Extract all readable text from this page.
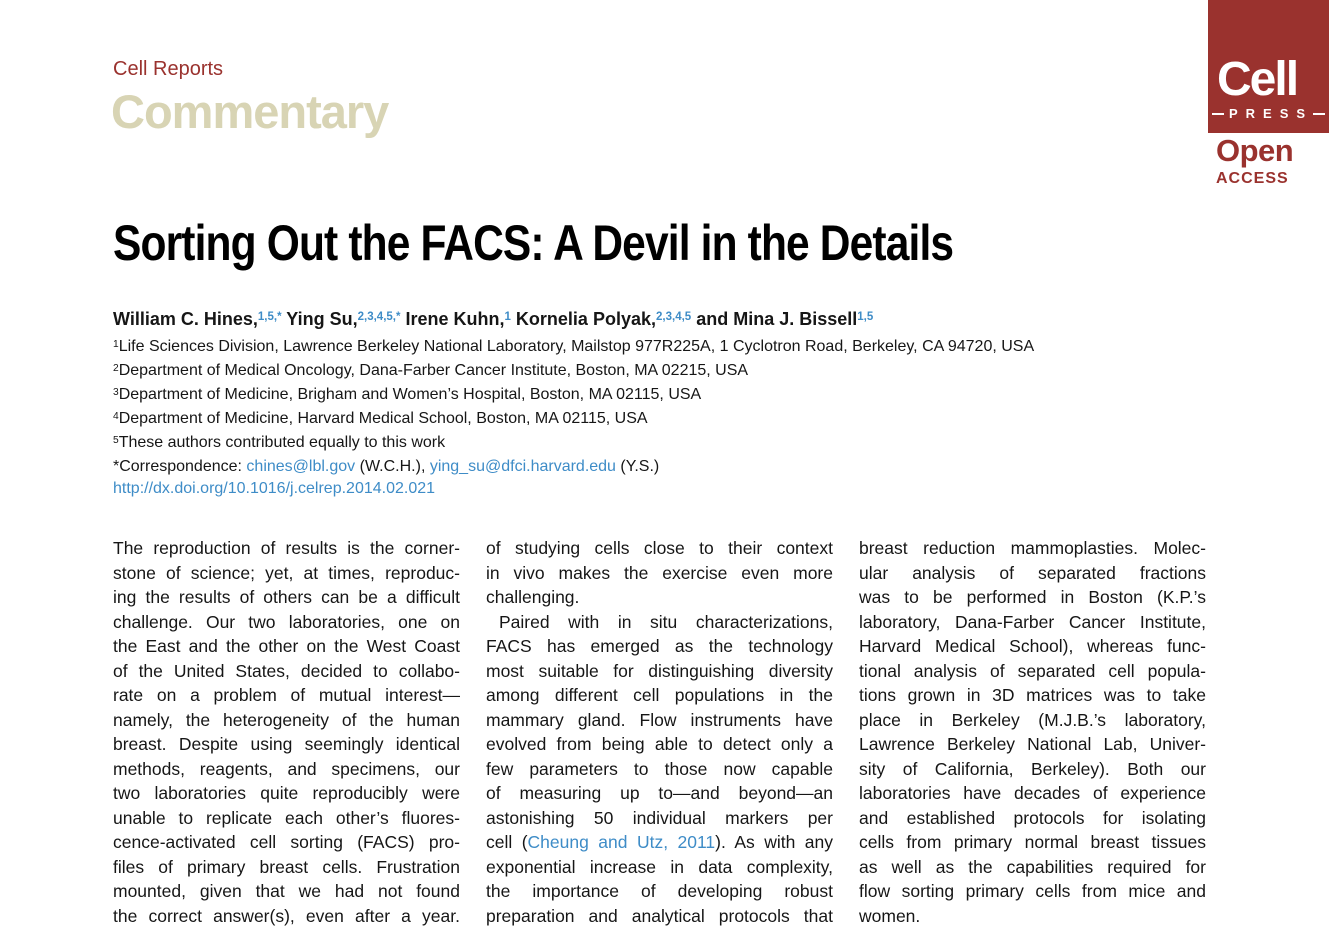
Cell Reports
Commentary
Cell
PRESS
Open
ACCESS
Sorting Out the FACS: A Devil in the Details
William C. Hines,$^{1,5,*}$ Ying Su,$^{2,3,4,5,*}$ Irene Kuhn,$^1$ Kornelia Polyak,$^{2,3,4,5}$ and Mina J. Bissell$^{1,5}$
$^1$Life Sciences Division, Lawrence Berkeley National Laboratory, Mailstop 977R225A, 1 Cyclotron Road, Berkeley, CA 94720, USA
$^2$Department of Medical Oncology, Dana-Farber Cancer Institute, Boston, MA 02215, USA
$^3$Department of Medicine, Brigham and Women’s Hospital, Boston, MA 02115, USA
$^4$Department of Medicine, Harvard Medical School, Boston, MA 02115, USA
$^5$These authors contributed equally to this work
*Correspondence: chines@lbl.gov (W.C.H.), ying_su@dfci.harvard.edu (Y.S.)
http://dx.doi.org/10.1016/j.celrep.2014.02.021
The reproduction of results is the corner-
stone of science; yet, at times, reproduc-
ing the results of others can be a difficult
challenge. Our two laboratories, one on
the East and the other on the West Coast
of the United States, decided to collabo-
rate on a problem of mutual interest—
namely, the heterogeneity of the human
breast. Despite using seemingly identical
methods, reagents, and specimens, our
two laboratories quite reproducibly were
unable to replicate each other’s fluores-
cence-activated cell sorting (FACS) pro-
files of primary breast cells. Frustration
mounted, given that we had not found
the correct answer(s), even after a year.
of studying cells close to their context
in vivo makes the exercise even more
challenging.
Paired with in situ characterizations,
FACS has emerged as the technology
most suitable for distinguishing diversity
among different cell populations in the
mammary gland. Flow instruments have
evolved from being able to detect only a
few parameters to those now capable
of measuring up to—and beyond—an
astonishing 50 individual markers per
cell (Cheung and Utz, 2011). As with any
exponential increase in data complexity,
the importance of developing robust
preparation and analytical protocols that
breast reduction mammoplasties. Molec-
ular analysis of separated fractions
was to be performed in Boston (K.P.’s
laboratory, Dana-Farber Cancer Institute,
Harvard Medical School), whereas func-
tional analysis of separated cell popula-
tions grown in 3D matrices was to take
place in Berkeley (M.J.B.’s laboratory,
Lawrence Berkeley National Lab, Univer-
sity of California, Berkeley). Both our
laboratories have decades of experience
and established protocols for isolating
cells from primary normal breast tissues
as well as the capabilities required for
flow sorting primary cells from mice and
women.
